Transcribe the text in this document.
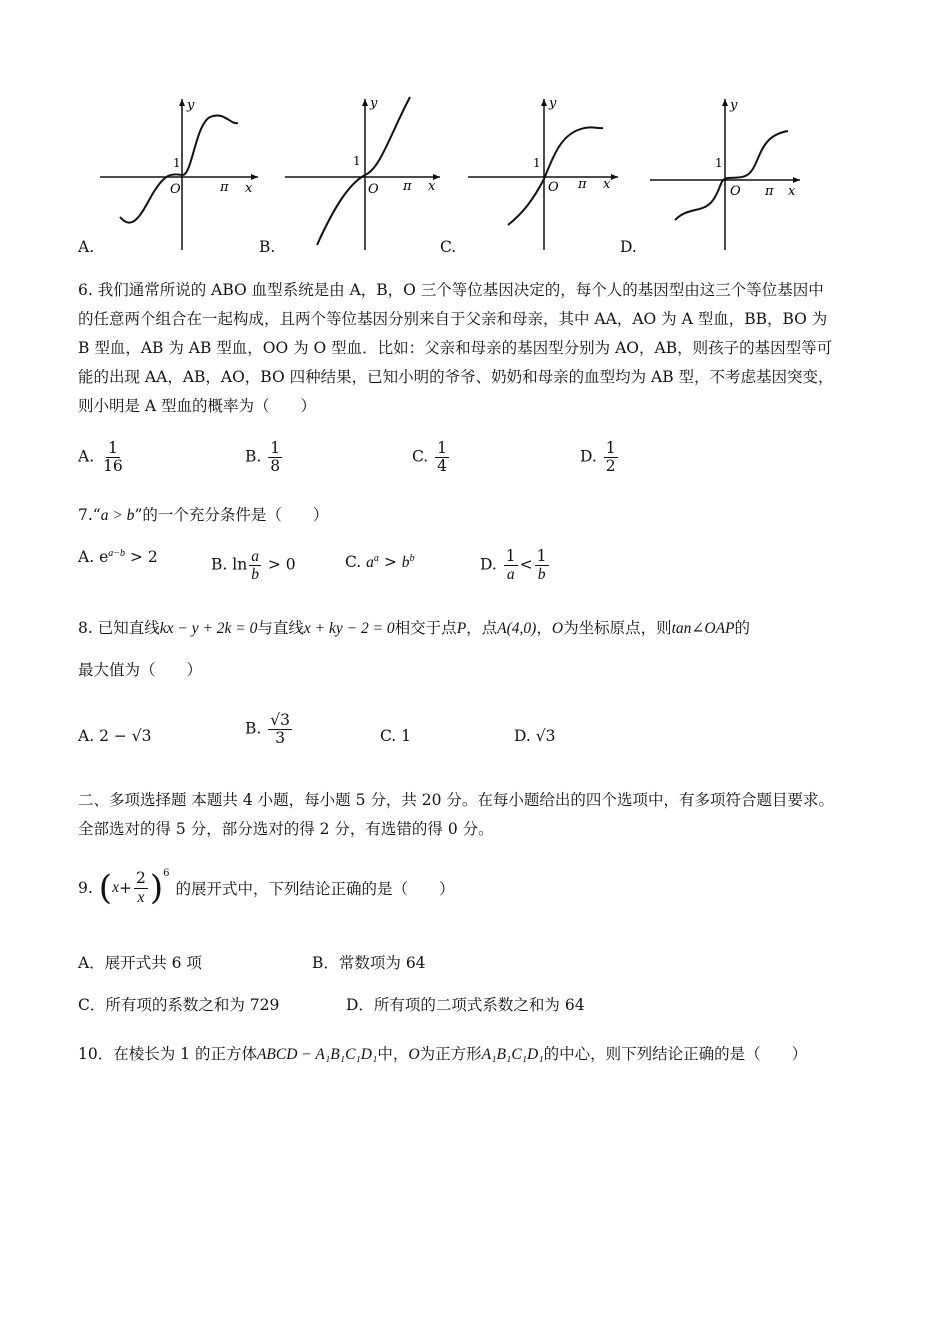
y
O
1
π x
y
O
1
π x
y
O
1
π x
y
O
1
π x
A.	B.	C.	D.
6. 我们通常所说的 ABO 血型系统是由 A，B，O 三个等位基因决定的，每个人的基因型由这三个等位基因中
的任意两个组合在一起构成，且两个等位基因分别来自于父亲和母亲，其中 AA，AO 为 A 型血，BB，BO 为
B 型血，AB 为 AB 型血，OO 为 O 型血．比如：父亲和母亲的基因型分别为 AO，AB，则孩子的基因型等可
能的出现 AA，AB，AO，BO 四种结果，已知小明的爷爷、奶奶和母亲的血型均为 AB 型，不考虑基因突变，
则小明是 A 型血的概率为（　　）
A. $\frac{1}{16}$	B. $\frac{1}{8}$	C. $\frac{1}{4}$	D. $\frac{1}{2}$
7.“a > b”的一个充分条件是（　　）
A. $e^{a-b} > 2$	B. $\ln \frac{a}{b} > 0$	C. $a^a > b^b$	D. $\frac{1}{a} < \frac{1}{b}$
8. 已知直线kx − y + 2k = 0与直线x + ky − 2 = 0相交于点P，点A(4,0)，O为坐标原点，则tan∠OAP的
最大值为（　　）
A. 2 − √3	B. $\frac{√3}{3}$	C. 1	D. √3
二、多项选择题 本题共 4 小题，每小题 5 分，共 20 分。在每小题给出的四个选项中，有多项符合题目要求。
全部选对的得 5 分，部分选对的得 2 分，有选错的得 0 分。
9. ( $x + \frac{2}{x} )^6$
的展开式中，下列结论正确的是（　　）
A．展开式共 6 项	B．常数项为 64
C．所有项的系数之和为 729	D．所有项的二项式系数之和为 64
10．在棱长为 1 的正方体ABCD − A₁B₁C₁D₁中，O为正方形A₁B₁C₁D₁的中心，则下列结论正确的是（　　）
